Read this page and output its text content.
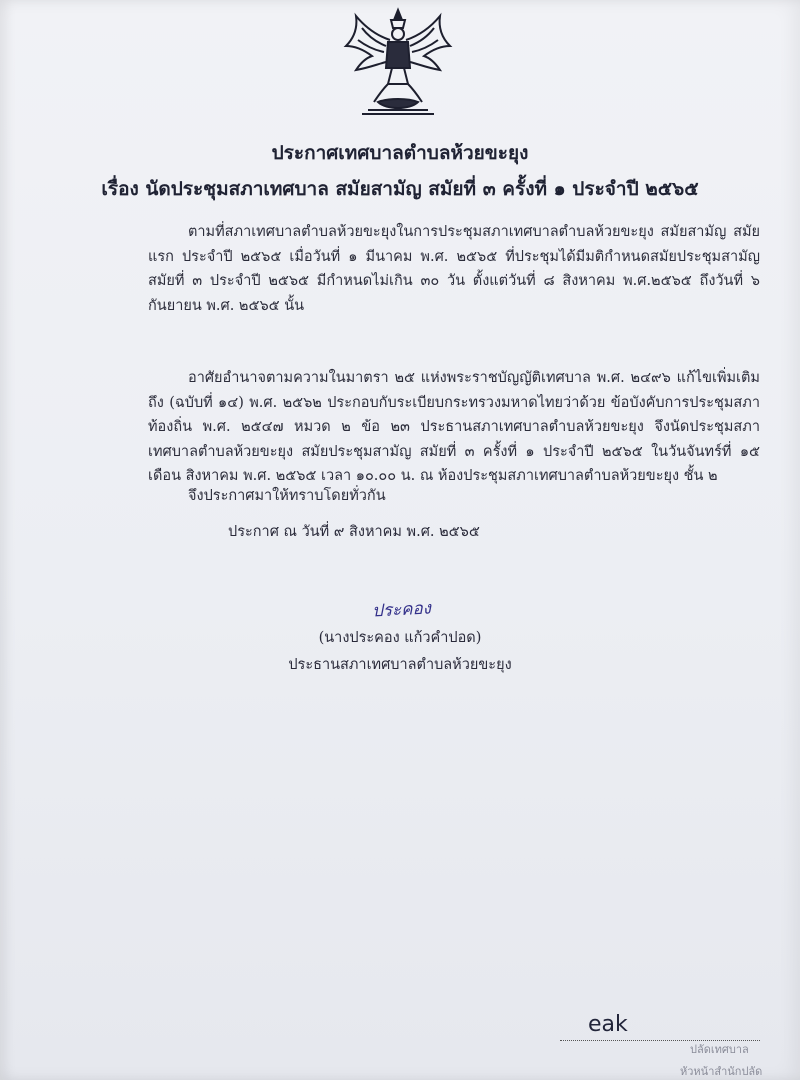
ประกาศเทศบาลตำบลห้วยขะยุง

เรื่อง นัดประชุมสภาเทศบาล สมัยสามัญ สมัยที่ ๓ ครั้งที่ ๑ ประจำปี ๒๕๖๕

ตามที่สภาเทศบาลตำบลห้วยขะยุงในการประชุมสภาเทศบาลตำบลห้วยขะยุง สมัยสามัญ สมัยแรก ประจำปี ๒๕๖๕ เมื่อวันที่ ๑ มีนาคม พ.ศ. ๒๕๖๕ ที่ประชุมได้มีมติกำหนดสมัยประชุมสามัญ สมัยที่ ๓ ประจำปี ๒๕๖๕ มีกำหนดไม่เกิน ๓๐ วัน ตั้งแต่วันที่ ๘ สิงหาคม พ.ศ.๒๕๖๕ ถึงวันที่ ๖ กันยายน พ.ศ. ๒๕๖๕ นั้น

อาศัยอำนาจตามความในมาตรา ๒๕ แห่งพระราชบัญญัติเทศบาล พ.ศ. ๒๔๙๖ แก้ไขเพิ่มเติมถึง (ฉบับที่ ๑๔) พ.ศ. ๒๕๖๒ ประกอบกับระเบียบกระทรวงมหาดไทยว่าด้วย ข้อบังคับการประชุมสภาท้องถิ่น พ.ศ. ๒๕๔๗ หมวด ๒ ข้อ ๒๓ ประธานสภาเทศบาลตำบลห้วยขะยุง จึงนัดประชุมสภาเทศบาลตำบลห้วยขะยุง สมัยประชุมสามัญ สมัยที่ ๓ ครั้งที่ ๑ ประจำปี ๒๕๖๕ ในวันจันทร์ที่ ๑๕ เดือน สิงหาคม พ.ศ. ๒๕๖๕ เวลา ๑๐.๐๐ น. ณ ห้องประชุมสภาเทศบาลตำบลห้วยขะยุง ชั้น ๒

จึงประกาศมาให้ทราบโดยทั่วกัน

ประกาศ ณ วันที่ ๙ สิงหาคม พ.ศ. ๒๕๖๕

ประคอง

(นางประคอง แก้วคำปอด)

ประธานสภาเทศบาลตำบลห้วยขะยุง

eak
ปลัดเทศบาล
หัวหน้าสำนักปลัด
